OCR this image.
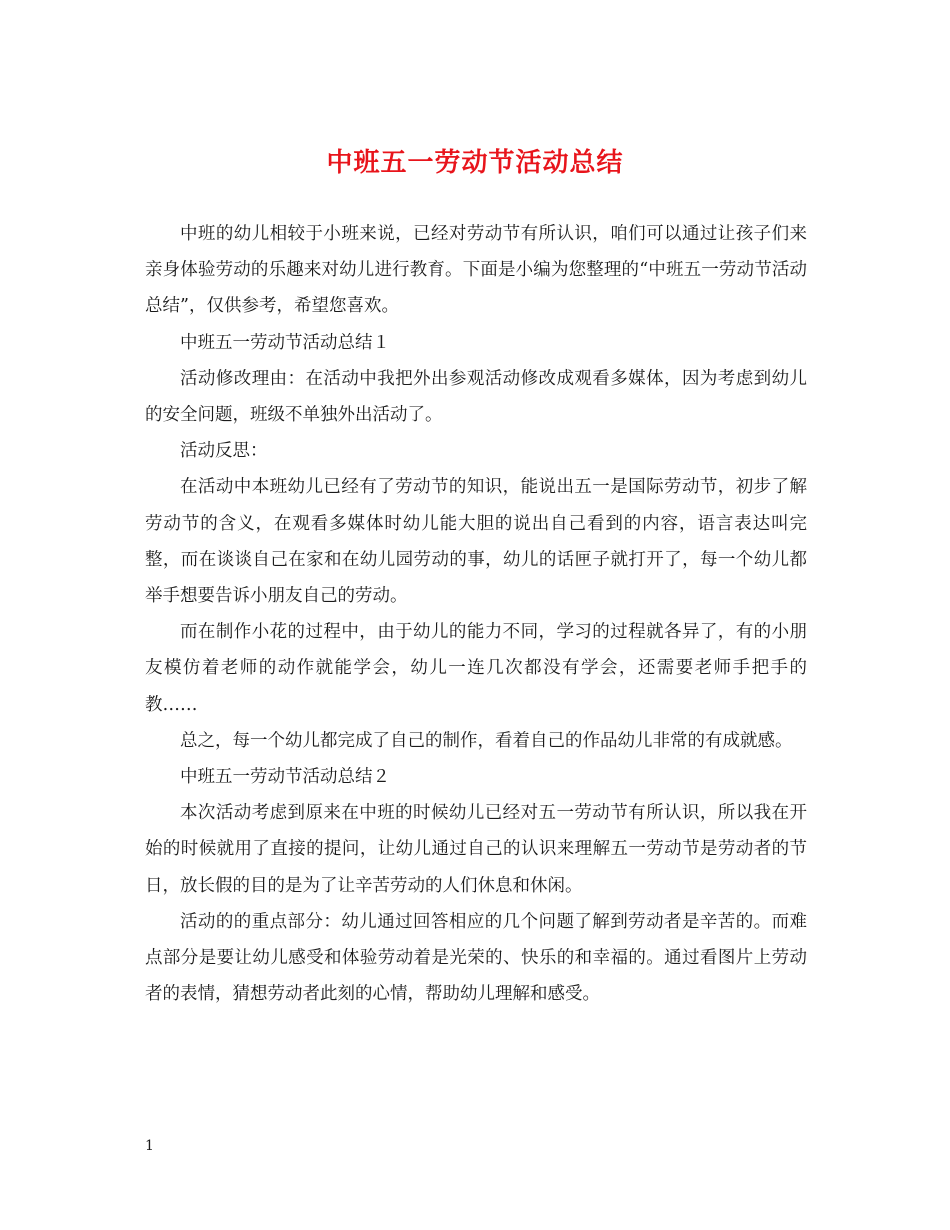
中班五一劳动节活动总结

中班的幼儿相较于小班来说，已经对劳动节有所认识，咱们可以通过让孩子们来亲身体验劳动的乐趣来对幼儿进行教育。下面是小编为您整理的“中班五一劳动节活动总结”，仅供参考，希望您喜欢。

中班五一劳动节活动总结１

活动修改理由：在活动中我把外出参观活动修改成观看多媒体，因为考虑到幼儿的安全问题，班级不单独外出活动了。

活动反思：

在活动中本班幼儿已经有了劳动节的知识，能说出五一是国际劳动节，初步了解劳动节的含义，在观看多媒体时幼儿能大胆的说出自己看到的内容，语言表达叫完整，而在谈谈自己在家和在幼儿园劳动的事，幼儿的话匣子就打开了，每一个幼儿都举手想要告诉小朋友自己的劳动。

而在制作小花的过程中，由于幼儿的能力不同，学习的过程就各异了，有的小朋友模仿着老师的动作就能学会，幼儿一连几次都没有学会，还需要老师手把手的教……

总之，每一个幼儿都完成了自己的制作，看着自己的作品幼儿非常的有成就感。

中班五一劳动节活动总结２

本次活动考虑到原来在中班的时候幼儿已经对五一劳动节有所认识，所以我在开始的时候就用了直接的提问，让幼儿通过自己的认识来理解五一劳动节是劳动者的节日，放长假的目的是为了让辛苦劳动的人们休息和休闲。

活动的的重点部分：幼儿通过回答相应的几个问题了解到劳动者是辛苦的。而难点部分是要让幼儿感受和体验劳动着是光荣的、快乐的和幸福的。通过看图片上劳动者的表情，猜想劳动者此刻的心情，帮助幼儿理解和感受。

1
